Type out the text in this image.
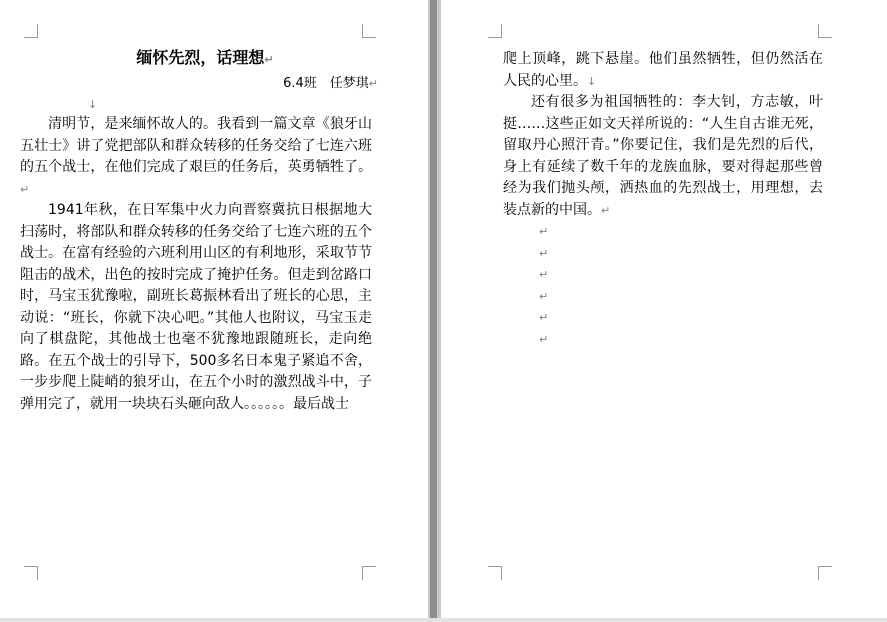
缅怀先烈，话理想↵
6.4班　任梦琪↵
↓

清明节，是来缅怀故人的。我看到一篇文章《狼牙山五壮士》讲了党把部队和群众转移的任务交给了七连六班的五个战士，在他们完成了艰巨的任务后，英勇牺牲了。↵

1941年秋，在日军集中火力向晋察冀抗日根据地大扫荡时，将部队和群众转移的任务交给了七连六班的五个战士。在富有经验的六班利用山区的有利地形，采取节节阻击的战术，出色的按时完成了掩护任务。但走到岔路口时，马宝玉犹豫啦，副班长葛振林看出了班长的心思，主动说：“班长，你就下决心吧。”其他人也附议，马宝玉走向了棋盘陀，其他战士也毫不犹豫地跟随班长，走向绝路。在五个战士的引导下，500多名日本鬼子紧追不舍，一步步爬上陡峭的狼牙山，在五个小时的激烈战斗中，子弹用完了，就用一块块石头砸向敌人。。。。。。最后战士

爬上顶峰，跳下悬崖。他们虽然牺牲，但仍然活在人民的心里。↓

还有很多为祖国牺牲的：李大钊，方志敏，叶挺……这些正如文天祥所说的：“人生自古谁无死，留取丹心照汗青。”你要记住，我们是先烈的后代，身上有延续了数千年的龙族血脉，要对得起那些曾经为我们抛头颅，洒热血的先烈战士，用理想，去装点新的中国。↵

↵
↵
↵
↵
↵
↵
